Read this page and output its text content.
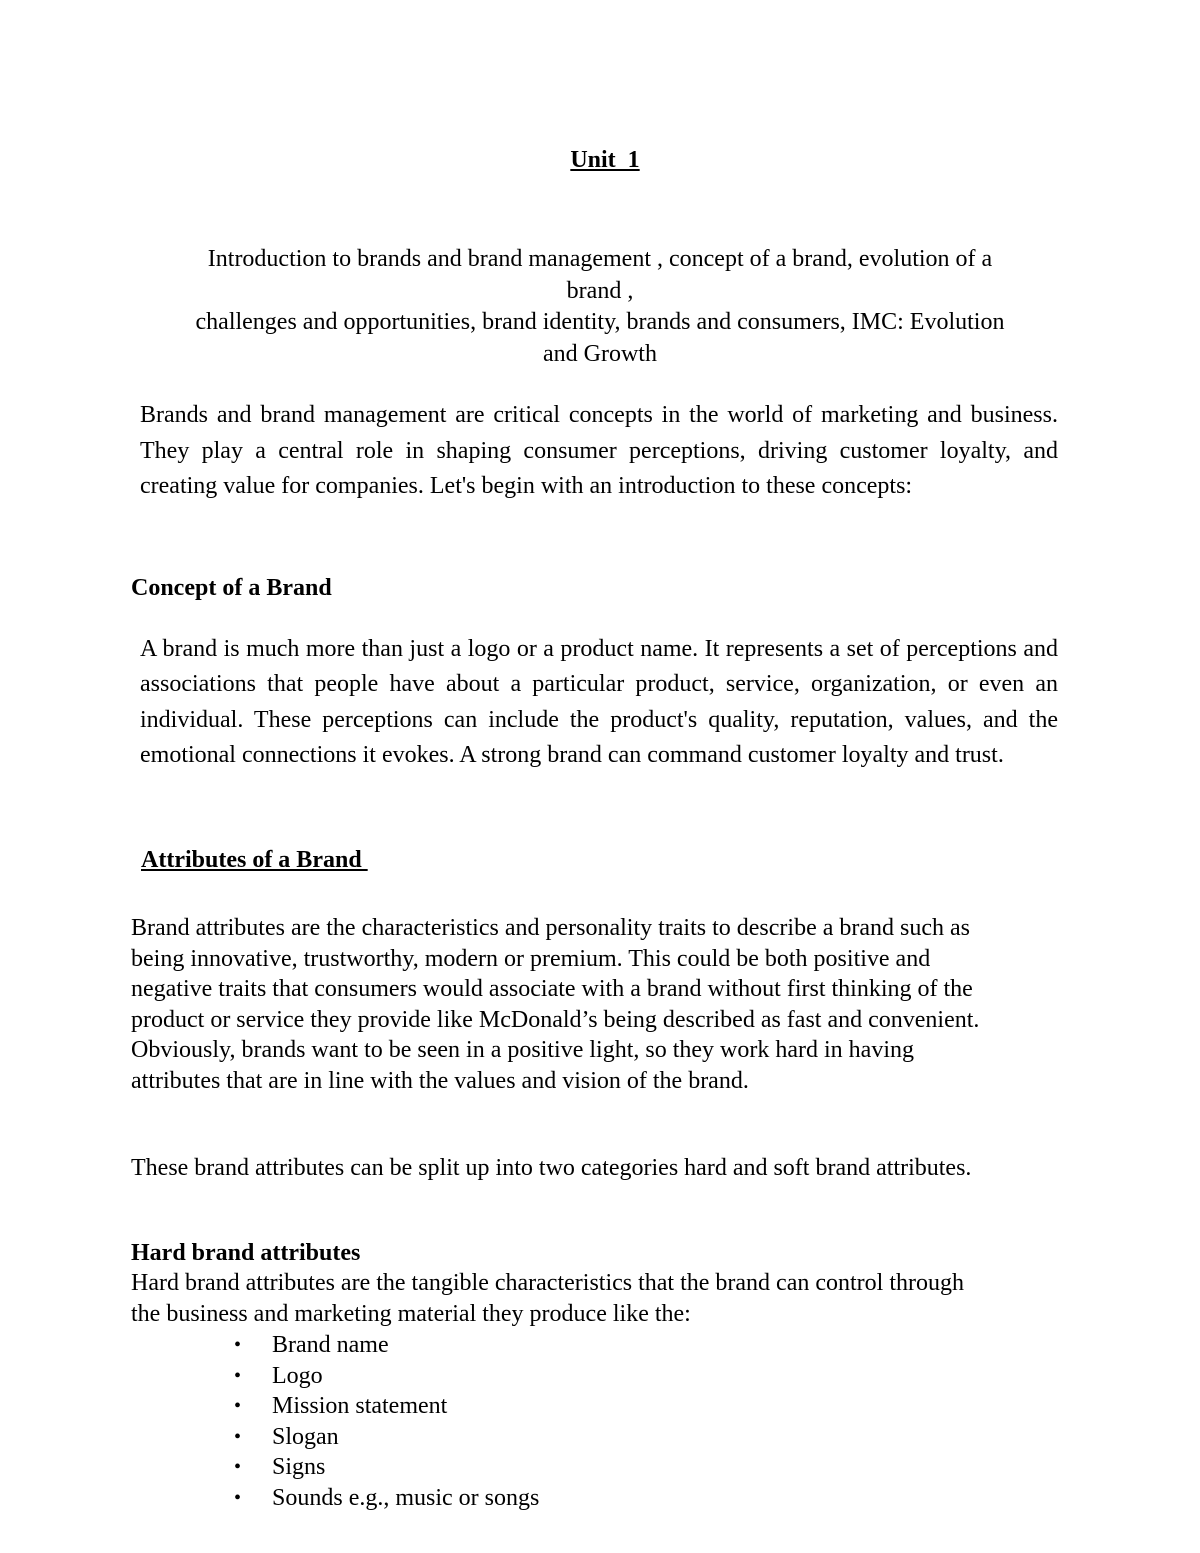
Unit  1
Introduction to brands and brand management , concept of a brand, evolution of a
brand ,
challenges and opportunities, brand identity, brands and consumers, IMC: Evolution
and Growth
Brands and brand management are critical concepts in the world of marketing and business. They play a central role in shaping consumer perceptions, driving customer loyalty, and creating value for companies. Let's begin with an introduction to these concepts:
Concept of a Brand
A brand is much more than just a logo or a product name. It represents a set of perceptions and associations that people have about a particular product, service, organization, or even an individual. These perceptions can include the product's quality, reputation, values, and the emotional connections it evokes. A strong brand can command customer loyalty and trust.
Attributes of a Brand
Brand attributes are the characteristics and personality traits to describe a brand such as
being innovative, trustworthy, modern or premium. This could be both positive and
negative traits that consumers would associate with a brand without first thinking of the
product or service they provide like McDonald’s being described as fast and convenient.
Obviously, brands want to be seen in a positive light, so they work hard in having
attributes that are in line with the values and vision of the brand.
These brand attributes can be split up into two categories hard and soft brand attributes.
Hard brand attributes
Hard brand attributes are the tangible characteristics that the brand can control through
the business and marketing material they produce like the:
• Brand name
• Logo
• Mission statement
• Slogan
• Signs
• Sounds e.g., music or songs
